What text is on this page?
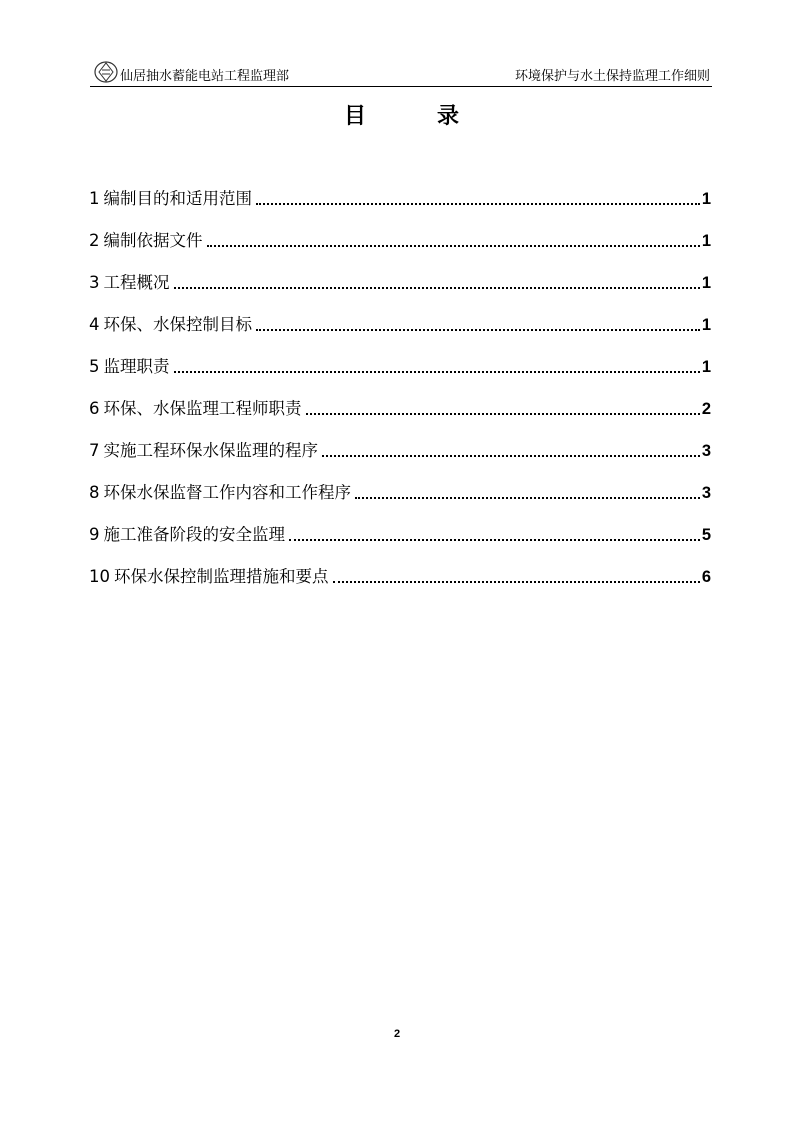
仙居抽水蓄能电站工程监理部	环境保护与水土保持监理工作细则
目	录
1 编制目的和适用范围	1
2 编制依据文件	1
3 工程概况	1
4 环保、水保控制目标	1
5 监理职责	1
6 环保、水保监理工程师职责	2
7 实施工程环保水保监理的程序	3
8 环保水保监督工作内容和工作程序	3
9 施工准备阶段的安全监理	5
10 环保水保控制监理措施和要点	6
2
